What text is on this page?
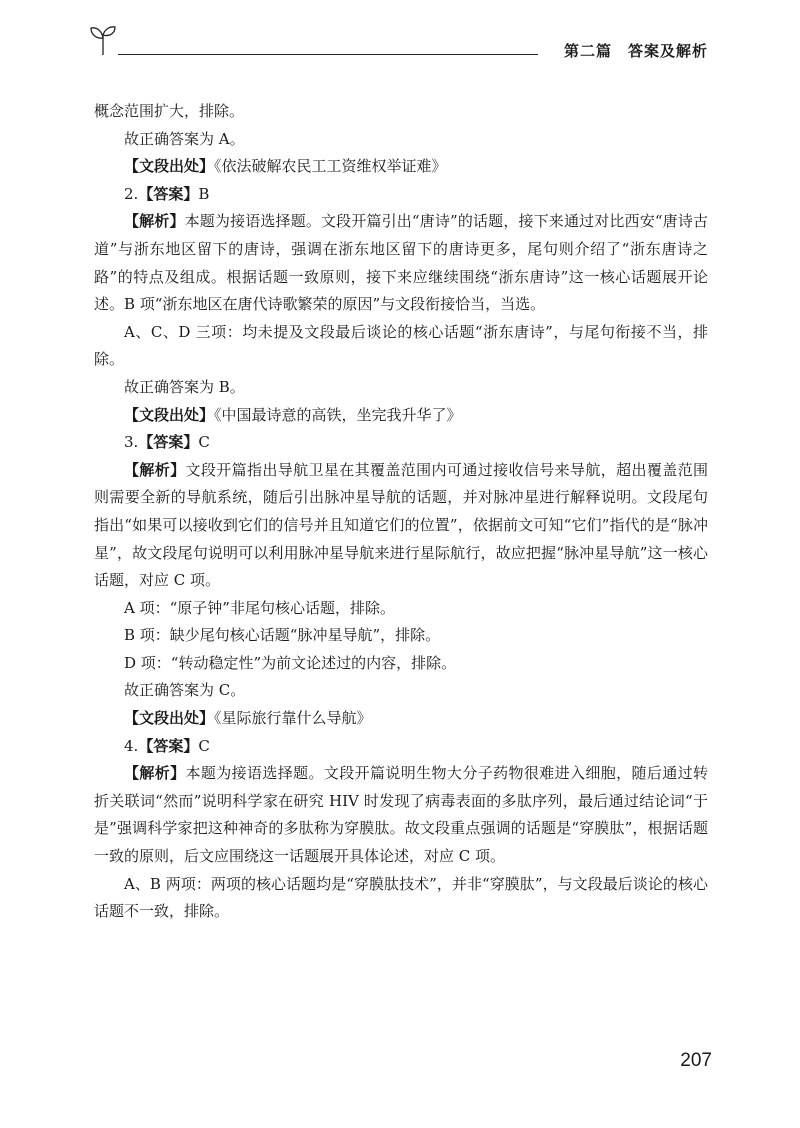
第二篇　答案及解析

概念范围扩大，排除。

故正确答案为 A。

【文段出处】《依法破解农民工工资维权举证难》

2.【答案】B

【解析】本题为接语选择题。文段开篇引出“唐诗”的话题，接下来通过对比西安“唐诗古道”与浙东地区留下的唐诗，强调在浙东地区留下的唐诗更多，尾句则介绍了“浙东唐诗之路”的特点及组成。根据话题一致原则，接下来应继续围绕“浙东唐诗”这一核心话题展开论述。B 项“浙东地区在唐代诗歌繁荣的原因”与文段衔接恰当，当选。

A、C、D 三项：均未提及文段最后谈论的核心话题“浙东唐诗”，与尾句衔接不当，排除。

故正确答案为 B。

【文段出处】《中国最诗意的高铁，坐完我升华了》

3.【答案】C

【解析】文段开篇指出导航卫星在其覆盖范围内可通过接收信号来导航，超出覆盖范围则需要全新的导航系统，随后引出脉冲星导航的话题，并对脉冲星进行解释说明。文段尾句指出“如果可以接收到它们的信号并且知道它们的位置”，依据前文可知“它们”指代的是“脉冲星”，故文段尾句说明可以利用脉冲星导航来进行星际航行，故应把握“脉冲星导航”这一核心话题，对应 C 项。

A 项：“原子钟”非尾句核心话题，排除。

B 项：缺少尾句核心话题“脉冲星导航”，排除。

D 项：“转动稳定性”为前文论述过的内容，排除。

故正确答案为 C。

【文段出处】《星际旅行靠什么导航》

4.【答案】C

【解析】本题为接语选择题。文段开篇说明生物大分子药物很难进入细胞，随后通过转折关联词“然而”说明科学家在研究 HIV 时发现了病毒表面的多肽序列，最后通过结论词“于是”强调科学家把这种神奇的多肽称为穿膜肽。故文段重点强调的话题是“穿膜肽”，根据话题一致的原则，后文应围绕这一话题展开具体论述，对应 C 项。

A、B 两项：两项的核心话题均是“穿膜肽技术”，并非“穿膜肽”，与文段最后谈论的核心话题不一致，排除。

207
